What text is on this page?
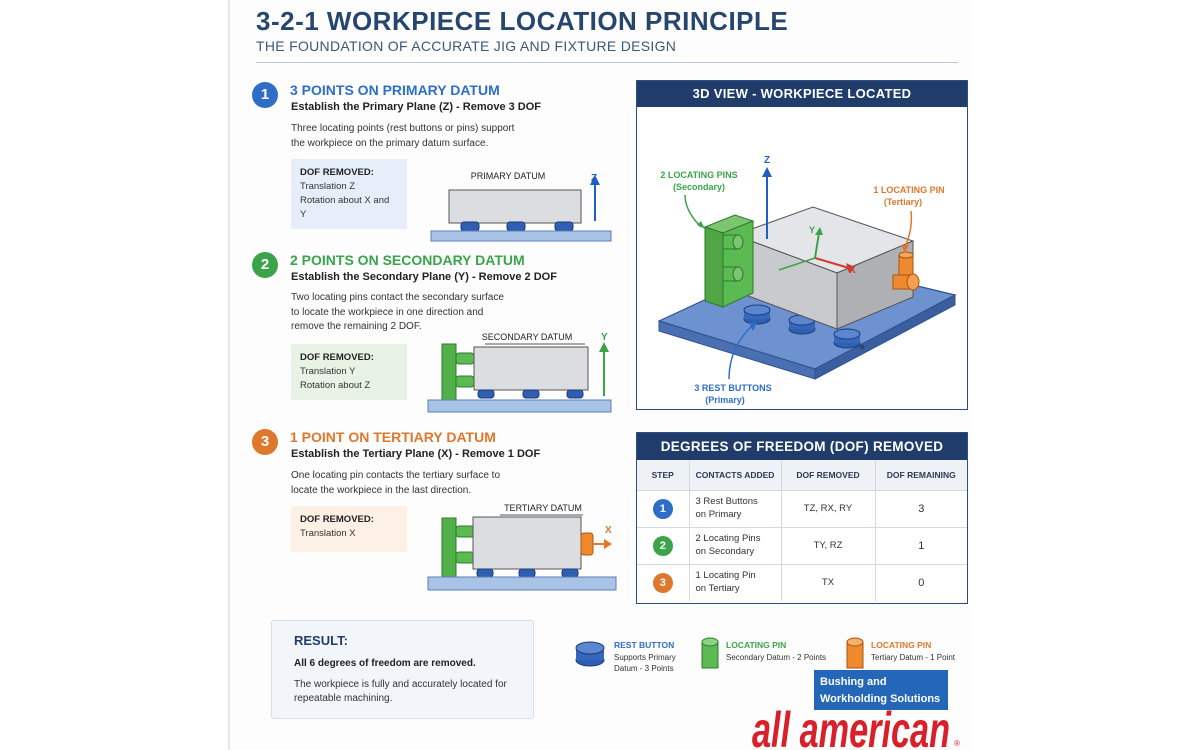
3-2-1 WORKPIECE LOCATION PRINCIPLE
THE FOUNDATION OF ACCURATE JIG AND FIXTURE DESIGN
1	3 POINTS ON PRIMARY DATUM
Establish the Primary Plane (Z) - Remove 3 DOF
Three locating points (rest buttons or pins) support the workpiece on the primary datum surface.
DOF REMOVED:
Translation Z
Rotation about X and Y
PRIMARY DATUM	Z
2	2 POINTS ON SECONDARY DATUM
Establish the Secondary Plane (Y) - Remove 2 DOF
Two locating pins contact the secondary surface to locate the workpiece in one direction and remove the remaining 2 DOF.
DOF REMOVED:
Translation Y
Rotation about Z
SECONDARY DATUM	Y
3	1 POINT ON TERTIARY DATUM
Establish the Tertiary Plane (X) - Remove 1 DOF
One locating pin contacts the tertiary surface to locate the workpiece in the last direction.
DOF REMOVED:
Translation X
TERTIARY DATUM
X
3D VIEW - WORKPIECE LOCATED
Z
X
Y
2 LOCATING PINS
(Secondary)	1 LOCATING PIN
(Tertiary)
3 REST BUTTONS
(Primary)
DEGREES OF FREEDOM (DOF) REMOVED
STEP	CONTACTS ADDED	DOF REMOVED	DOF REMAINING
1	3 Rest Buttons
on Primary	TZ, RX, RY	3
2	2 Locating Pins
on Secondary	TY, RZ	1
3	1 Locating Pin
on Tertiary	TX	0
RESULT:
All 6 degrees of freedom are removed.
The workpiece is fully and accurately located for repeatable machining.
REST BUTTON
Supports Primary
Datum - 3 Points
LOCATING PIN
Secondary Datum - 2 Points
LOCATING PIN
Tertiary Datum - 1 Point
Bushing and
Workholding Solutions
all american ®
